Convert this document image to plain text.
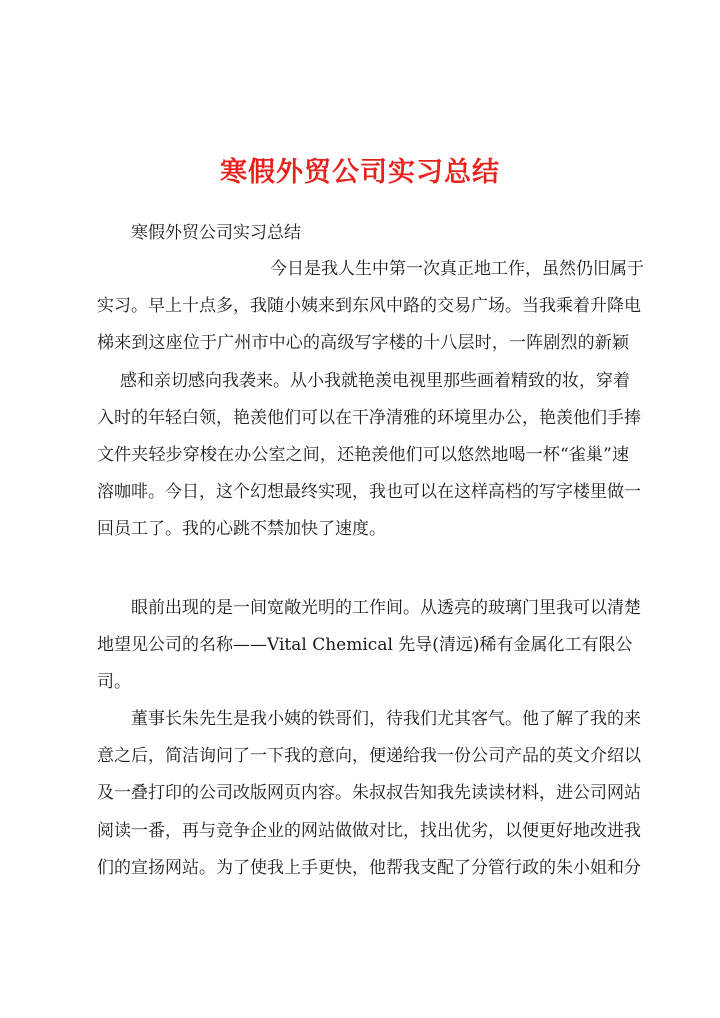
寒假外贸公司实习总结
寒假外贸公司实习总结
今日是我人生中第一次真正地工作，虽然仍旧属于
实习。早上十点多，我随小姨来到东风中路的交易广场。当我乘着升降电
梯来到这座位于广州市中心的高级写字楼的十八层时，一阵剧烈的新颖
感和亲切感向我袭来。从小我就艳羡电视里那些画着精致的妆，穿着
入时的年轻白领，艳羡他们可以在干净清雅的环境里办公，艳羡他们手捧
文件夹轻步穿梭在办公室之间，还艳羡他们可以悠然地喝一杯“雀巢”速
溶咖啡。今日，这个幻想最终实现，我也可以在这样高档的写字楼里做一
回员工了。我的心跳不禁加快了速度。
眼前出现的是一间宽敞光明的工作间。从透亮的玻璃门里我可以清楚
地望见公司的名称——Vital Chemical 先导(清远)稀有金属化工有限公
司。
董事长朱先生是我小姨的铁哥们，待我们尤其客气。他了解了我的来
意之后，简洁询问了一下我的意向，便递给我一份公司产品的英文介绍以
及一叠打印的公司改版网页内容。朱叔叔告知我先读读材料，进公司网站
阅读一番，再与竞争企业的网站做做对比，找出优劣，以便更好地改进我
们的宣扬网站。为了使我上手更快，他帮我支配了分管行政的朱小姐和分
